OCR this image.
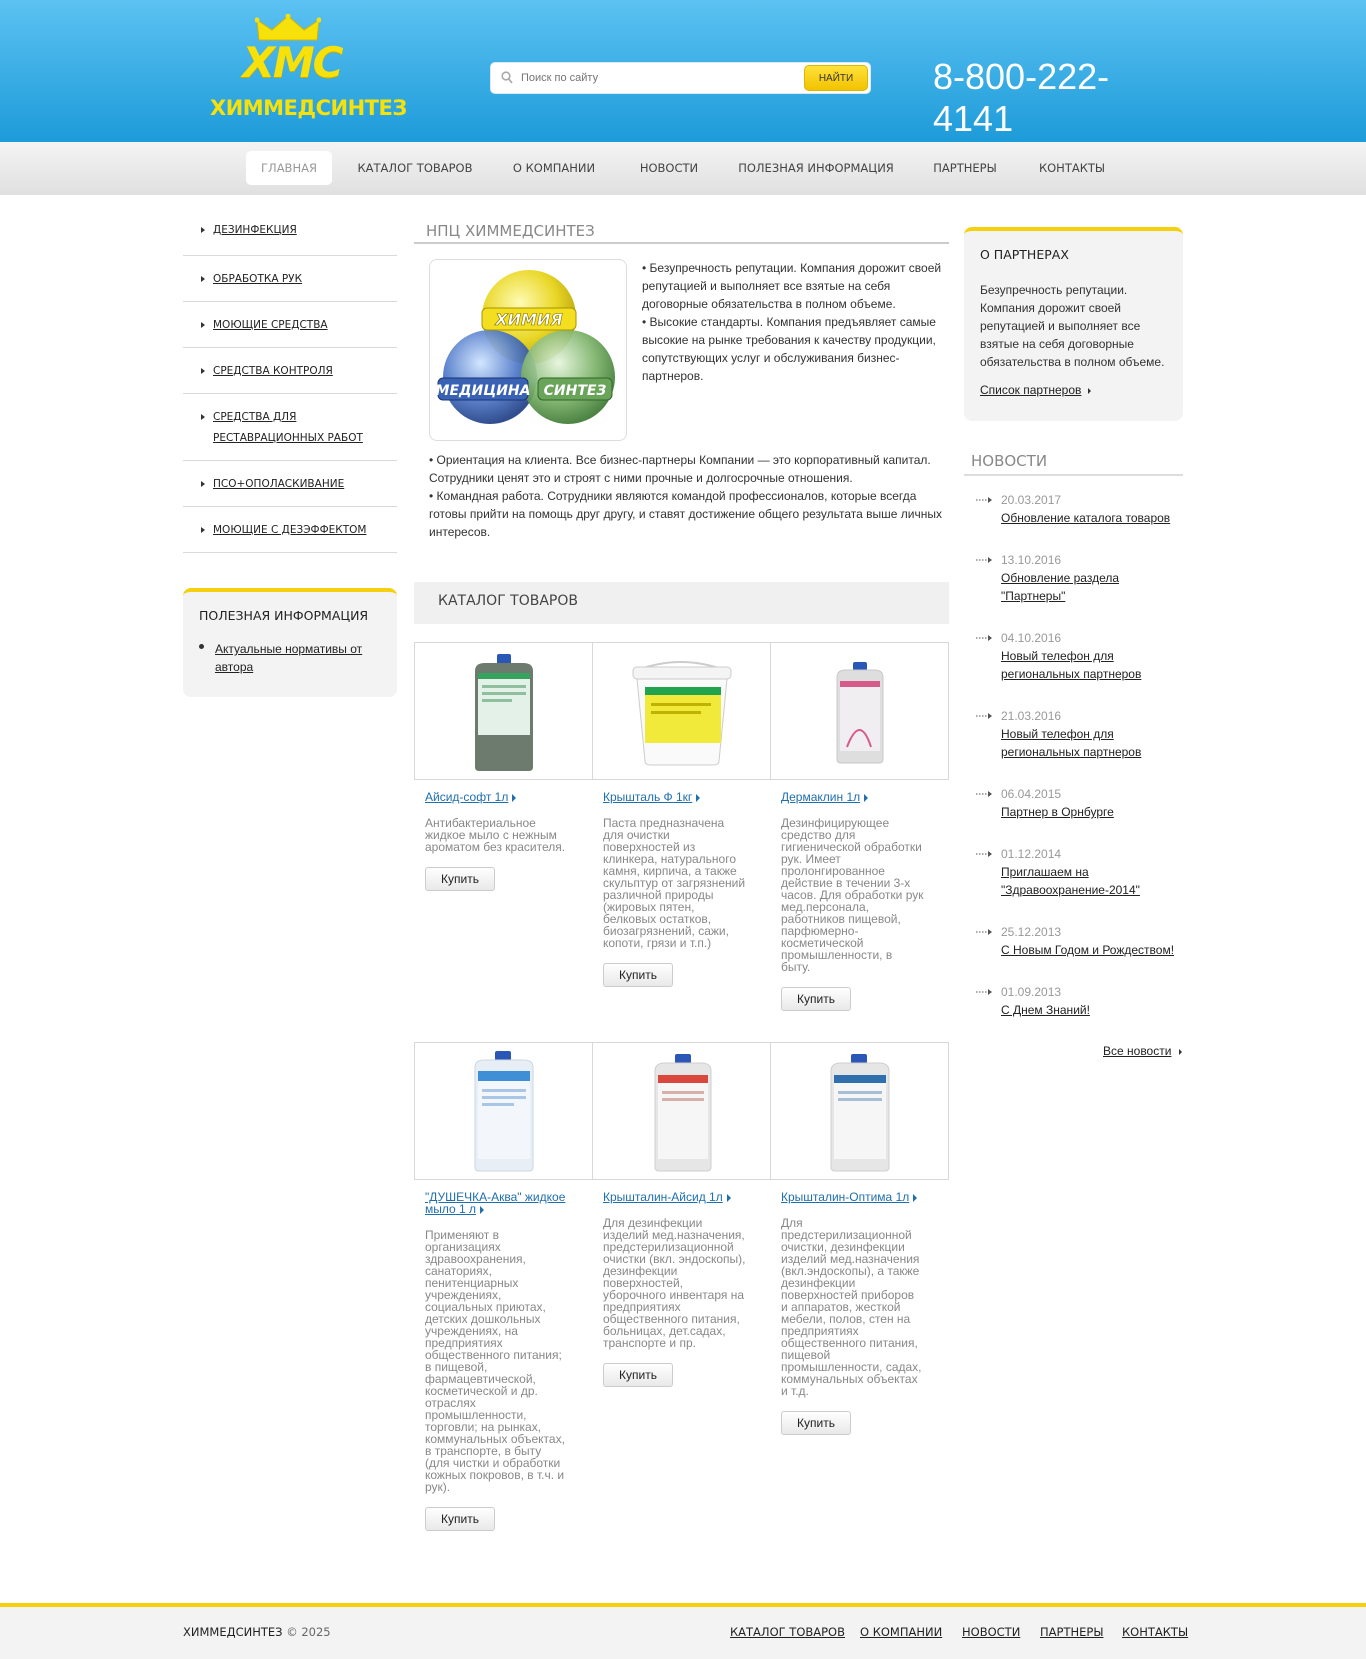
ХМС
ХИММЕДСИНТЕЗ
Поиск по сайту
НАЙТИ	8-800-222-4141
ГЛАВНАЯ	КАТАЛОГ ТОВАРОВ	О КОМПАНИИ	НОВОСТИ	ПОЛЕЗНАЯ ИНФОРМАЦИЯ	ПАРТНЕРЫ	КОНТАКТЫ
ДЕЗИНФЕКЦИЯ
ОБРАБОТКА РУК
МОЮЩИЕ СРЕДСТВА
СРЕДСТВА КОНТРОЛЯ
СРЕДСТВА ДЛЯ РЕСТАВРАЦИОННЫХ РАБОТ
ПСО+ОПОЛАСКИВАНИЕ
МОЮЩИЕ С ДЕЗЭФФЕКТОМ
ПОЛЕЗНАЯ ИНФОРМАЦИЯ
Актуальные нормативы от автора
НПЦ ХИММЕДСИНТЕЗ
ХИМИЯ
МЕДИЦИНА СИНТЕЗ
• Безупречность репутации. Компания дорожит своей репутацией и выполняет все взятые на себя договорные обязательства в полном объеме.
• Высокие стандарты. Компания предъявляет самые высокие на рынке требования к качеству продукции, сопутствующих услуг и обслуживания бизнес-партнеров.
• Ориентация на клиента. Все бизнес-партнеры Компании — это корпоративный капитал. Сотрудники ценят это и строят с ними прочные и долгосрочные отношения.
• Командная работа. Сотрудники являются командой профессионалов, которые всегда готовы прийти на помощь друг другу, и ставят достижение общего результата выше личных интересов.
КАТАЛОГ ТОВАРОВ
Айсид-софт 1л
Антибактериальное жидкое мыло с нежным ароматом без красителя.
Купить
Крышталь Ф 1кг
Паста предназначена для очистки поверхностей из клинкера, натурального камня, кирпича, а также скульптур от загрязнений различной природы (жировых пятен, белковых остатков, биозагрязнений, сажи, копоти, грязи и т.п.)
Купить
Дермаклин 1л
Дезинфицирующее средство для гигиенической обработки рук. Имеет пролонгированное действие в течении 3-х часов. Для обработки рук мед.персонала, работников пищевой, парфюмерно-косметической промышленности, в быту.
Купить
"ДУШЕЧКА-Аква" жидкое мыло 1 л
Применяют в организациях здравоохранения, санаториях, пенитенциарных учреждениях, социальных приютах, детских дошкольных учреждениях, на предприятиях общественного питания; в пищевой, фармацевтической, косметической и др. отраслях промышленности, торговли; на рынках, коммунальных объектах, в транспорте, в быту (для чистки и обработки кожных покровов, в т.ч. и рук).
Купить
Крышталин-Айсид 1л
Для дезинфекции изделий мед.назначения, предстерилизационной очистки (вкл. эндоскопы), дезинфекции поверхностей, уборочного инвентаря на предприятиях общественного питания, больницах, дет.садах, транспорте и пр.
Купить
Крышталин-Оптима 1л
Для предстерилизационной очистки, дезинфекции изделий мед.назначения (вкл.эндоскопы), а также дезинфекции поверхностей приборов и аппаратов, жесткой мебели, полов, стен на предприятиях общественного питания, пищевой промышленности, садах, коммунальных объектах и т.д.
Купить
О ПАРТНЕРАХ
Безупречность репутации. Компания дорожит своей репутацией и выполняет все взятые на себя договорные обязательства в полном объеме.
Список партнеров
НОВОСТИ
20.03.2017
Обновление каталога товаров
13.10.2016
Обновление раздела "Партнеры"
04.10.2016
Новый телефон для региональных партнеров
21.03.2016
Новый телефон для региональных партнеров
06.04.2015
Партнер в Орнбурге
01.12.2014
Приглашаем на "Здравоохранение-2014"
25.12.2013
С Новым Годом и Рождеством!
01.09.2013
С Днем Знаний!
Все новости
ХИММЕДСИНТЕЗ © 2025	КАТАЛОГ ТОВАРОВ О КОМПАНИИ НОВОСТИ ПАРТНЕРЫ КОНТАКТЫ
